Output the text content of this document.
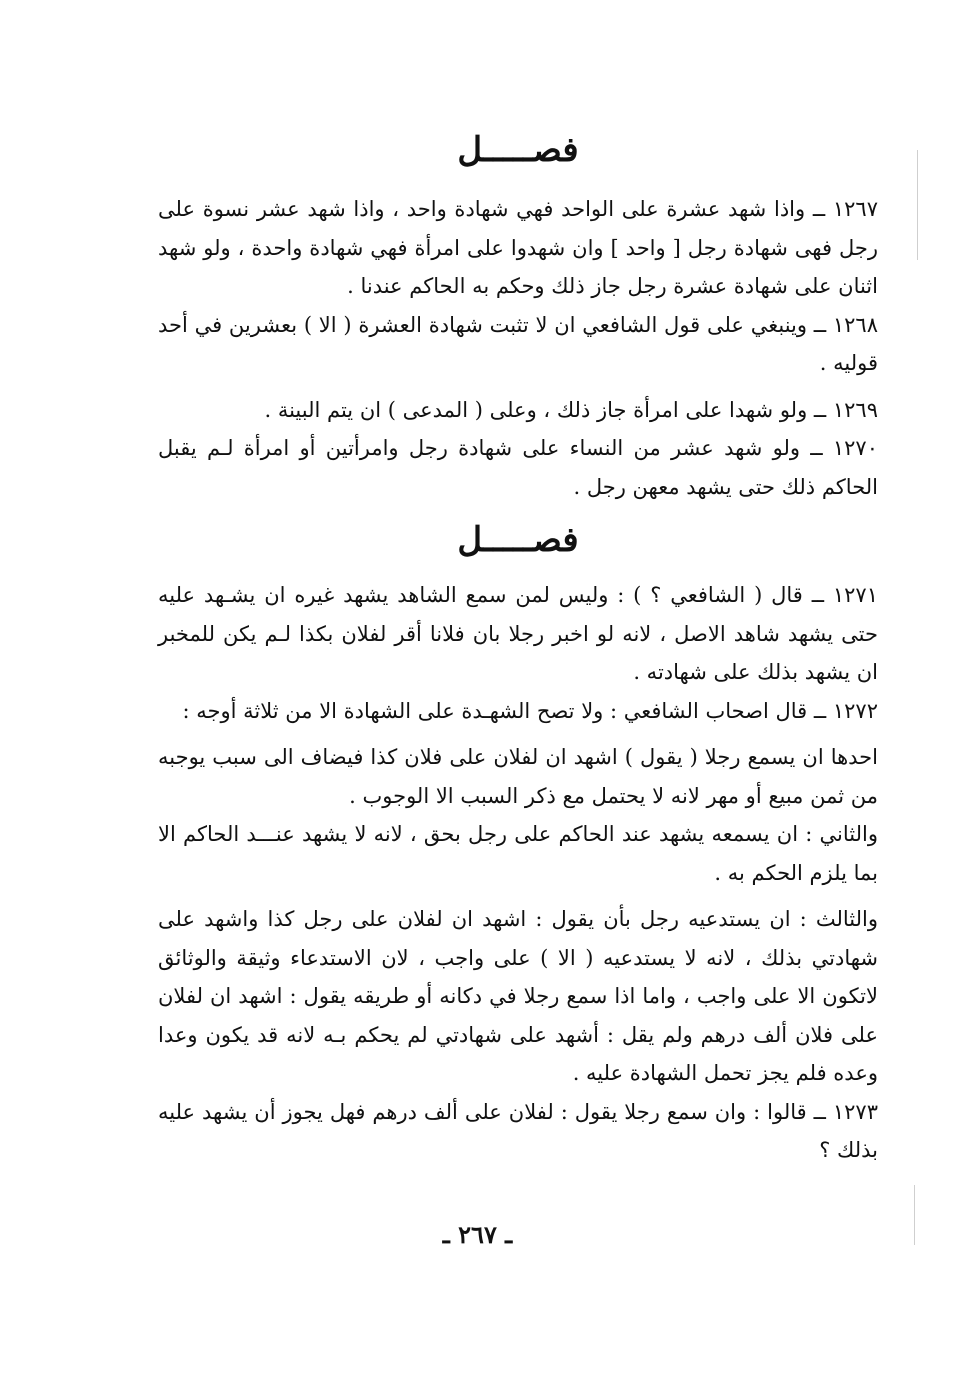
فصـــــل

١٢٦٧ ــ واذا شهد عشرة على الواحد فهي شهادة واحد ، واذا شهد عشر نسوة على رجل فهى شهادة رجل [ واحد ] وان شهدوا على امرأة فهي شهادة واحدة ، ولو شهد اثنان على شهادة عشرة رجل جاز ذلك وحكم به الحاكم عندنا .

١٢٦٨ ــ وينبغي على قول الشافعي ان لا تثبت شهادة العشرة ( الا ) بعشرين في أحد قوليه .

١٢٦٩ ــ ولو شهدا على امرأة جاز ذلك ، وعلى ( المدعى ) ان يتم البينة .

١٢٧٠ ــ ولو شهد عشر من النساء على شهادة رجل وامرأتين أو امرأة لـم يقبل الحاكم ذلك حتى يشهد معهن رجل .

فصـــــل

١٢٧١ ــ قال ( الشافعي ؟ ) : وليس لمن سمع الشاهد يشهد غيره ان يشـهد عليه حتى يشهد شاهد الاصل ، لانه لو اخبر رجلا بان فلانا أقر لفلان بكذا لـم يكن للمخبر ان يشهد بذلك على شهادته .

١٢٧٢ ــ قال اصحاب الشافعي : ولا تصح الشهـدة على الشهادة الا من ثلاثة أوجه :

احدها ان يسمع رجلا ( يقول ) اشهد ان لفلان على فلان كذا فيضاف الى سبب يوجبه من ثمن مبيع أو مهر لانه لا يحتمل مع ذكر السبب الا الوجوب .

والثاني : ان يسمعه يشهد عند الحاكم على رجل بحق ، لانه لا يشهد عنـــد الحاكم الا بما يلزم الحكم به .

والثالث : ان يستدعيه رجل بأن يقول : اشهد ان لفلان على رجل كذا واشهد على شهادتي بذلك ، لانه لا يستدعيه ( الا ) على واجب ، لان الاستدعاء وثيقة والوثائق لاتكون الا على واجب ، واما اذا سمع رجلا في دكانه أو طريقه يقول : اشهد ان لفلان على فلان ألف درهم ولم يقل : أشهد على شهادتي لم يحكم بـه لانه قد يكون وعدا وعده فلم يجز تحمل الشهادة عليه .

١٢٧٣ ــ قالوا : وان سمع رجلا يقول : لفلان على ألف درهم فهل يجوز أن يشهد عليه بذلك ؟

ـ ٢٦٧ ـ
